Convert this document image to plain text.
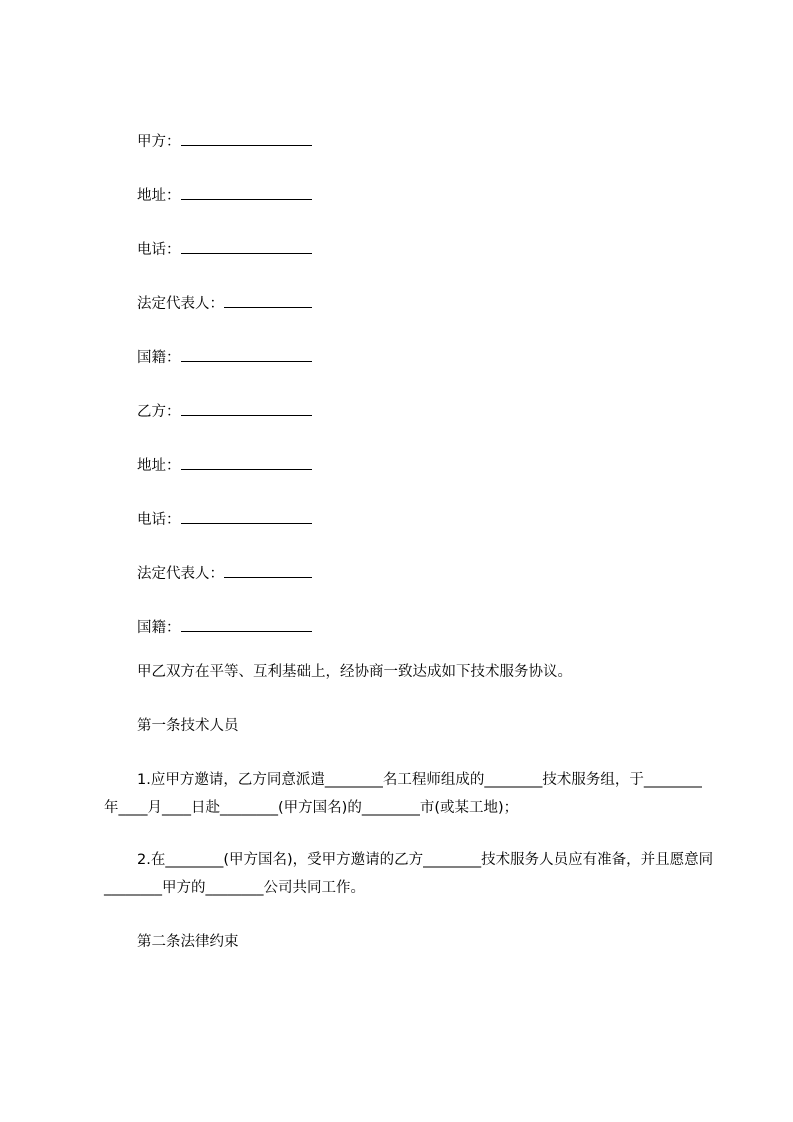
甲方：
地址：
电话：
法定代表人：
国籍：
乙方：
地址：
电话：
法定代表人：
国籍：
甲乙双方在平等、互利基础上，经协商一致达成如下技术服务协议。
第一条技术人员
1.应甲方邀请，乙方同意派遣________名工程师组成的________技术服务组，于________年____月____日赴________(甲方国名)的________市(或某工地)；
2.在________(甲方国名)，受甲方邀请的乙方________技术服务人员应有准备，并且愿意同________甲方的________公司共同工作。
第二条法律约束
